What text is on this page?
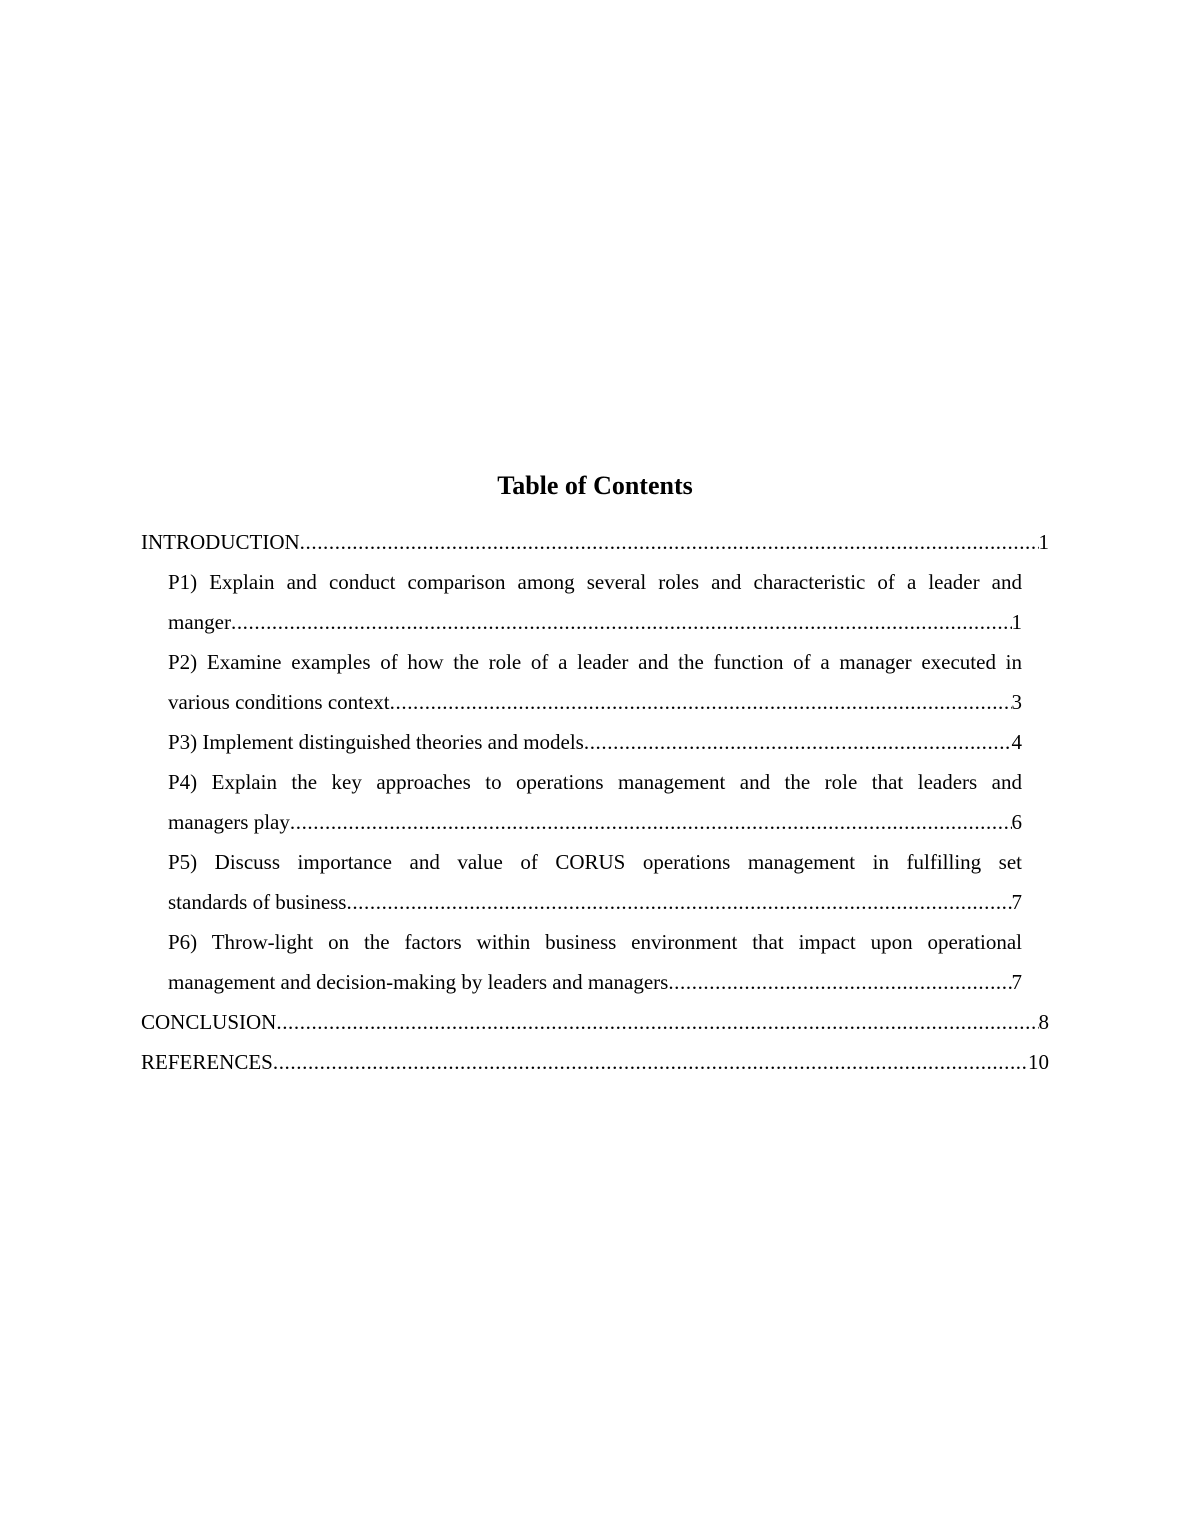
Table of Contents
INTRODUCTION .....	1
P1) Explain and conduct comparison among several roles and characteristic of a leader and
manger .....	1
P2) Examine examples of how the role of a leader and the function of a manager executed in
various conditions context .....	3
P3) Implement distinguished theories and models .....	4
P4) Explain the key approaches to operations management and the role that leaders and
managers play .....	6
P5) Discuss importance and value of CORUS operations management in fulfilling set
standards of business .....	7
P6) Throw-light on the factors within business environment that impact upon operational
management and decision-making by leaders and managers .....	7
CONCLUSION .....	8
REFERENCES .....	10
